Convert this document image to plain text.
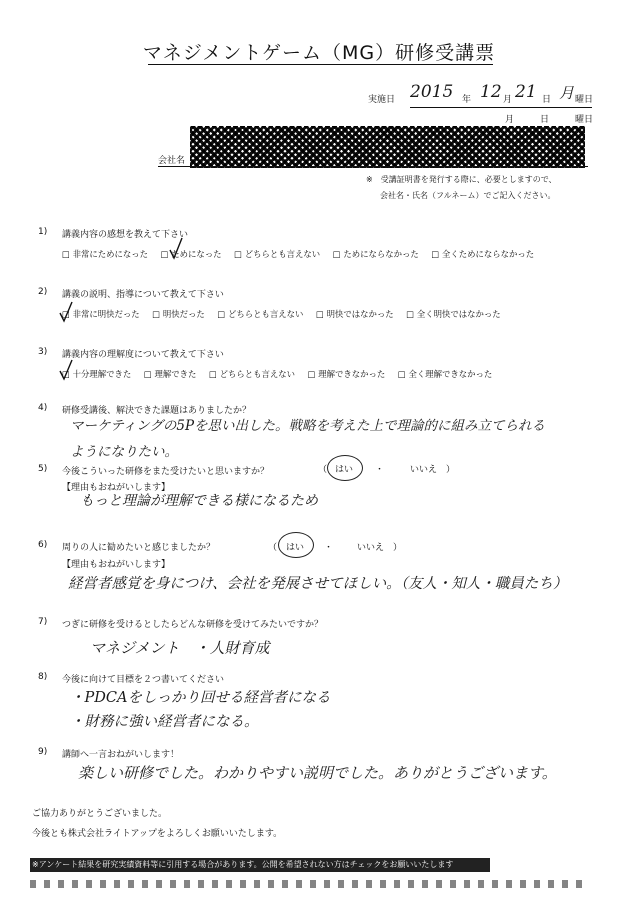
マネジメントゲーム（MG）研修受講票
実施日 2015 年 12 月 21 日 月 曜日
月	日	曜日
会社名
※　受講証明書を発行する際に、必要としますので、
会社名・氏名（フルネーム）でご記入ください。
1) 講義内容の感想を教えて下さい
□ 非常にためになった	□ ためになった	□ どちらとも言えない	□ ためにならなかった	□ 全くためにならなかった
2) 講義の説明、指導について教えて下さい
□ 非常に明快だった	□ 明快だった	□ どちらとも言えない	□ 明快ではなかった	□ 全く明快ではなかった
3) 講義内容の理解度について教えて下さい
□ 十分理解できた	□ 理解できた	□ どちらとも言えない	□ 理解できなかった	□ 全く理解できなかった
4) 研修受講後、解決できた課題はありましたか？
マーケティングの5Pを思い出した。戦略を考えた上で理論的に組み立てられる
ようになりたい。
5) 今後こういった研修をまた受けたいと思いますか？	（ はい ・	いいえ ）
【理由もおねがいします】
もっと理論が理解できる様になるため
6) 周りの人に勧めたいと感じましたか？	（ はい ・	いいえ ）
【理由もおねがいします】
経営者感覚を身につけ、会社を発展させてほしい。（友人・知人・職員たち）
7) つぎに研修を受けるとしたらどんな研修を受けてみたいですか？
マネジメント　・人財育成
8) 今後に向けて目標を２つ書いてください
・PDCAをしっかり回せる経営者になる
・財務に強い経営者になる。
9) 講師へ一言おねがいします！
楽しい研修でした。わかりやすい説明でした。ありがとうございます。
ご協力ありがとうございました。
今後とも株式会社ライトアップをよろしくお願いいたします。
※アンケート結果を研究実績資料等に引用する場合があります。公開を希望されない方はチェックをお願いいたします
